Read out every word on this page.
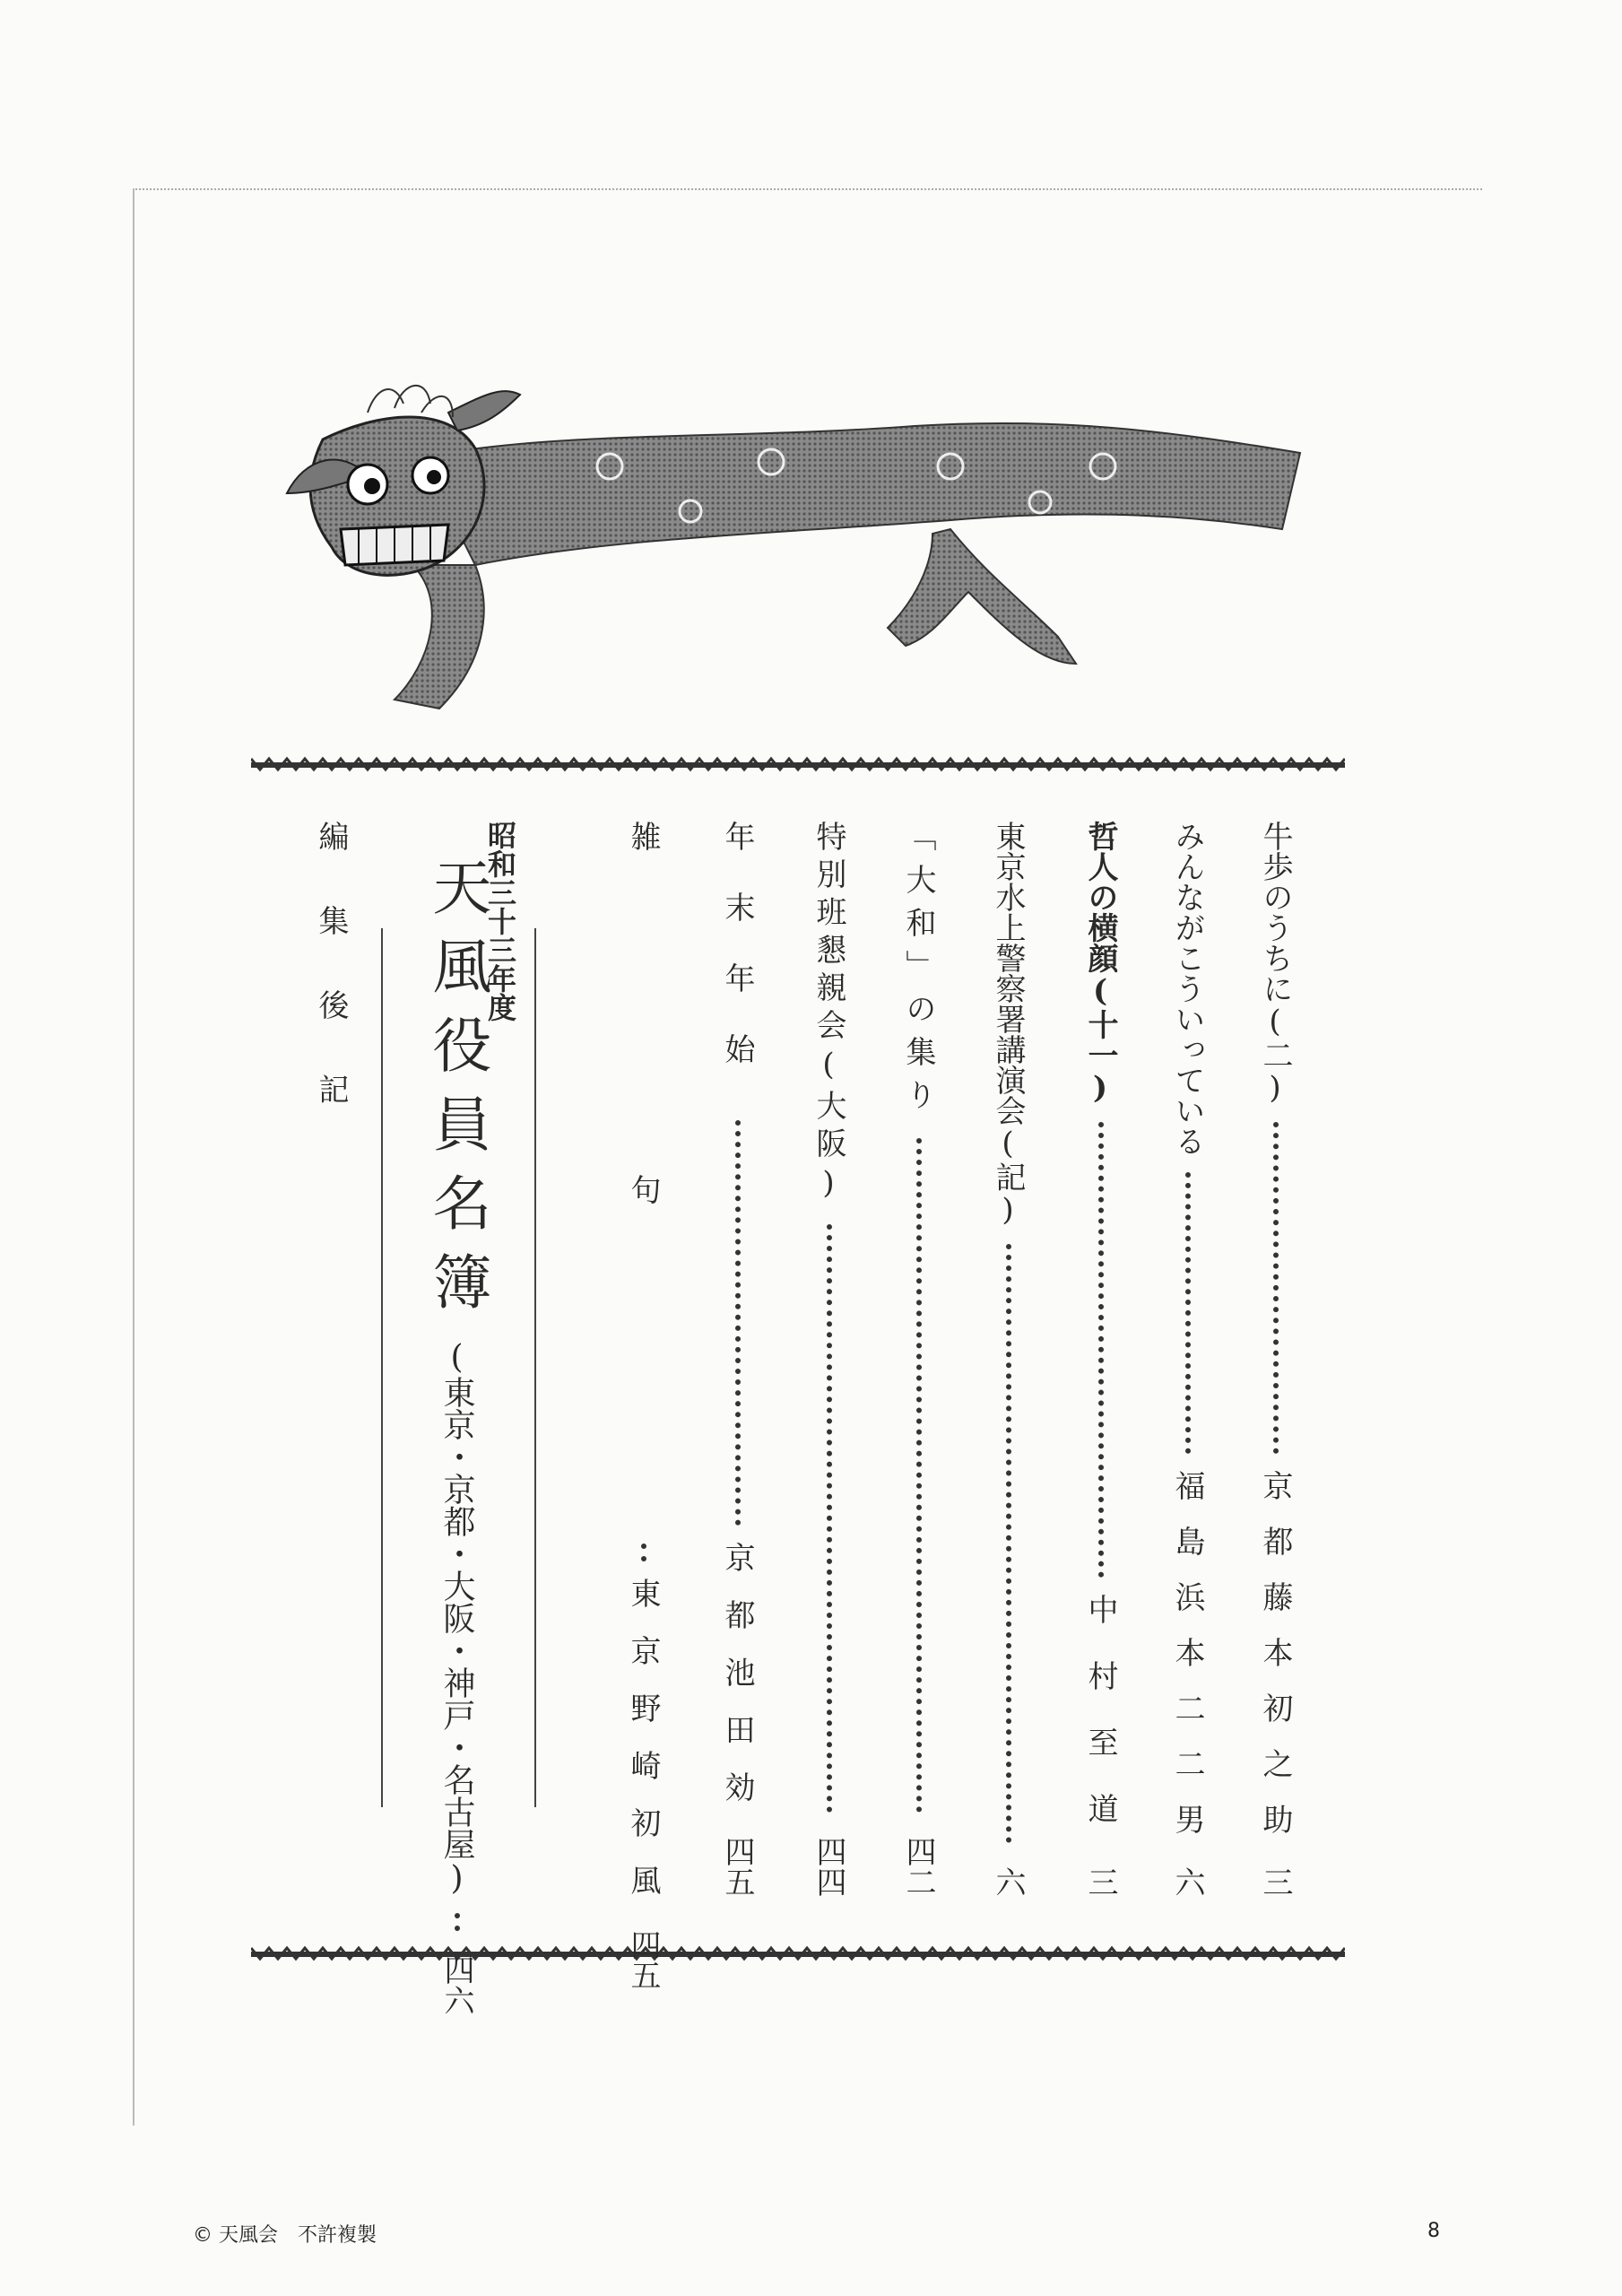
牛歩のうちに(二)
京都藤本初之助
三
みんながこういっている
福島浜本二二男
六
哲人の横顔(十一)
中村至道
三
東京水上警察署講演会(記)
六
「大和」の集り
四二
特別班懇親会(大阪)
四四
年末年始
京都池田効
四五
雑句
東京野崎初風
四五
昭和三十三年度
天風役員名簿
(東京・京都・大阪・神戸・名古屋)
四六
編集後記
© 天風会　不許複製	8
